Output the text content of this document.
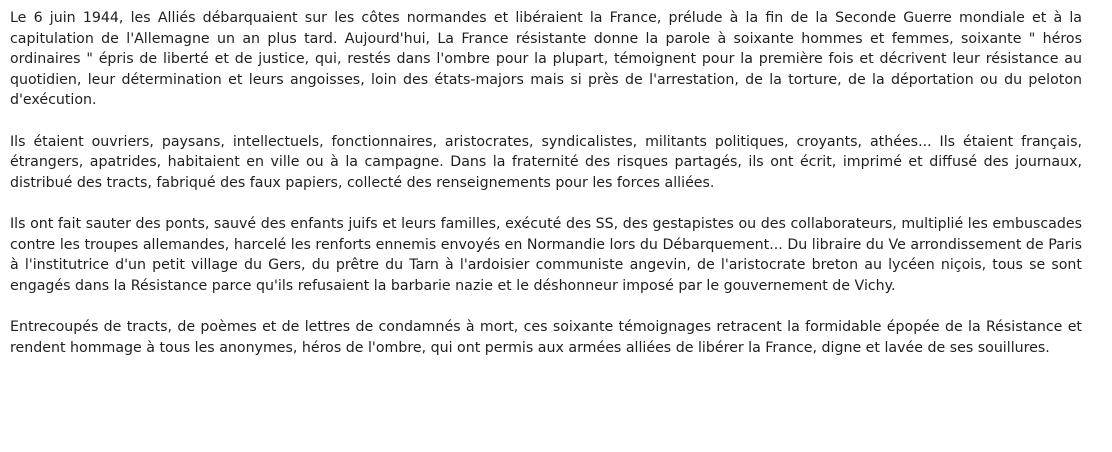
Le 6 juin 1944, les Alliés débarquaient sur les côtes normandes et libéraient la France, prélude à la fin de la Seconde Guerre mondiale et à la capitulation de l'Allemagne un an plus tard. Aujourd'hui, La France résistante donne la parole à soixante hommes et femmes, soixante " héros ordinaires " épris de liberté et de justice, qui, restés dans l'ombre pour la plupart, témoignent pour la première fois et décrivent leur résistance au quotidien, leur détermination et leurs angoisses, loin des états-majors mais si près de l'arrestation, de la torture, de la déportation ou du peloton d'exécution.

Ils étaient ouvriers, paysans, intellectuels, fonctionnaires, aristocrates, syndicalistes, militants politiques, croyants, athées... Ils étaient français, étrangers, apatrides, habitaient en ville ou à la campagne. Dans la fraternité des risques partagés, ils ont écrit, imprimé et diffusé des journaux, distribué des tracts, fabriqué des faux papiers, collecté des renseignements pour les forces alliées.

Ils ont fait sauter des ponts, sauvé des enfants juifs et leurs familles, exécuté des SS, des gestapistes ou des collaborateurs, multiplié les embuscades contre les troupes allemandes, harcelé les renforts ennemis envoyés en Normandie lors du Débarquement... Du libraire du Ve arrondissement de Paris à l'institutrice d'un petit village du Gers, du prêtre du Tarn à l'ardoisier communiste angevin, de l'aristocrate breton au lycéen niçois, tous se sont engagés dans la Résistance parce qu'ils refusaient la barbarie nazie et le déshonneur imposé par le gouvernement de Vichy.

Entrecoupés de tracts, de poèmes et de lettres de condamnés à mort, ces soixante témoignages retracent la formidable épopée de la Résistance et rendent hommage à tous les anonymes, héros de l'ombre, qui ont permis aux armées alliées de libérer la France, digne et lavée de ses souillures.
